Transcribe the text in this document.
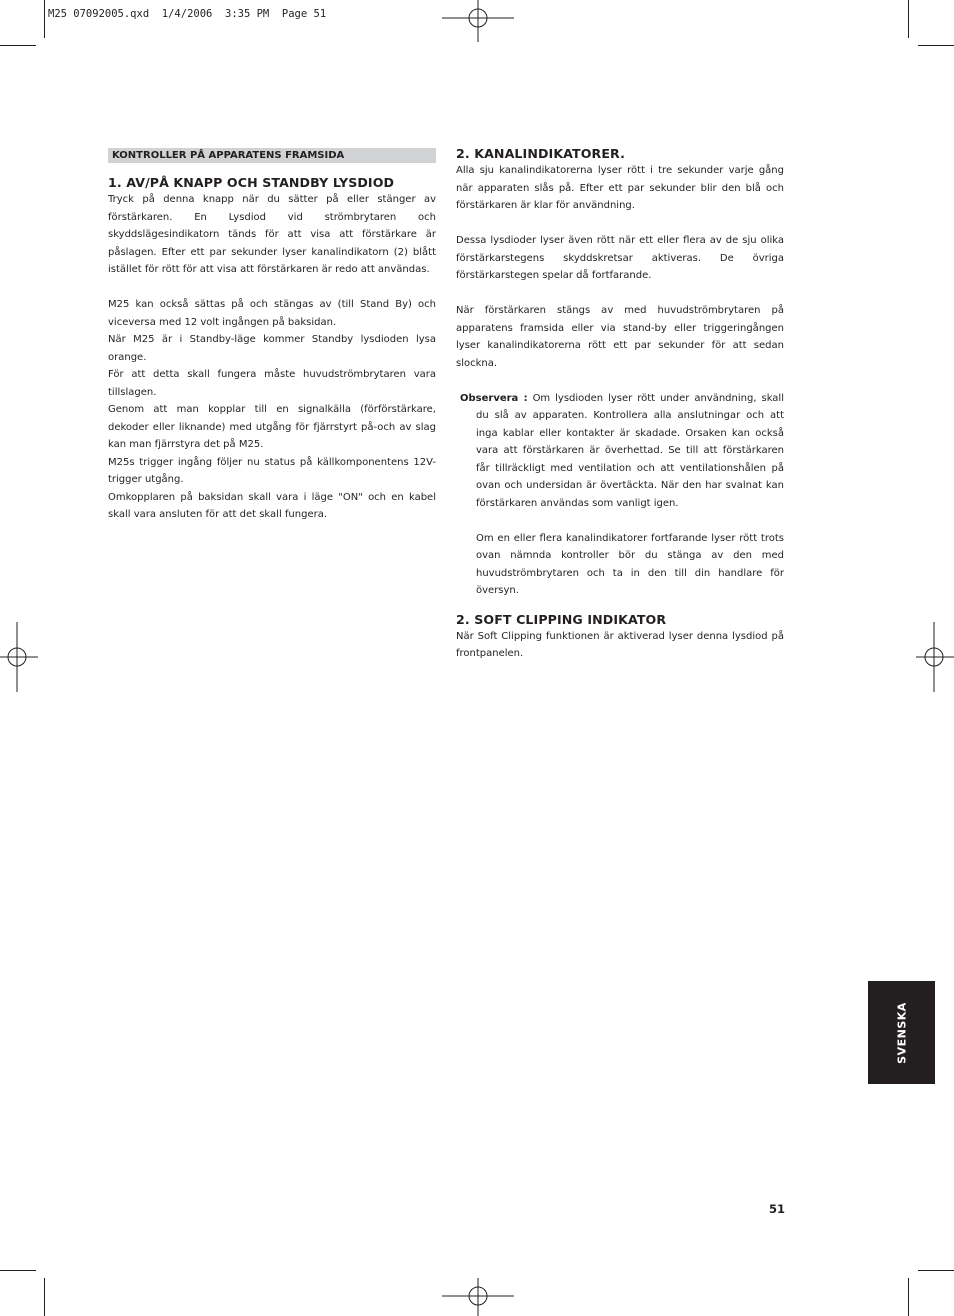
M25 07092005.qxd  1/4/2006  3:35 PM  Page 51
KONTROLLER PÅ APPARATENS FRAMSIDA
1. AV/PÅ KNAPP OCH STANDBY LYSDIOD

Tryck på denna knapp när du sätter på eller stänger av förstärkaren. En Lysdiod vid strömbrytaren och skyddslägesindikatorn tänds för att visa att förstärkare är påslagen. Efter ett par sekunder lyser kanalindikatorn (2) blått istället för rött för att visa att förstärkaren är redo att användas.

M25 kan också sättas på och stängas av (till Stand By) och viceversa med 12 volt ingången på baksidan.

När M25 är i Standby-läge kommer Standby lysdioden lysa orange.

För att detta skall fungera måste huvudströmbrytaren vara tillslagen.

Genom att man kopplar till en signalkälla (förförstärkare, dekoder eller liknande) med utgång för fjärrstyrt på-och av slag kan man fjärrstyra det på M25.

M25s trigger ingång följer nu status på källkomponentens 12V-trigger utgång.

Omkopplaren på baksidan skall vara i läge "ON" och en kabel skall vara ansluten för att det skall fungera.

2. KANALINDIKATORER.

Alla sju kanalindikatorerna lyser rött i tre sekunder varje gång när apparaten slås på. Efter ett par sekunder blir den blå och förstärkaren är klar för användning.

Dessa lysdioder lyser även rött när ett eller flera av de sju olika förstärkarstegens skyddskretsar aktiveras. De övriga förstärkarstegen spelar då fortfarande.

När förstärkaren stängs av med huvudströmbrytaren på apparatens framsida eller via stand-by eller triggeringången lyser kanalindikatorerna rött ett par sekunder för att sedan slockna.

Observera : Om lysdioden lyser rött under användning, skall du slå av apparaten. Kontrollera alla anslutningar och att inga kablar eller kontakter är skadade. Orsaken kan också vara att förstärkaren är överhettad. Se till att förstärkaren får tillräckligt med ventilation och att ventilationshålen på ovan och undersidan är övertäckta. När den har svalnat kan förstärkaren användas som vanligt igen.

Om en eller flera kanalindikatorer fortfarande lyser rött trots ovan nämnda kontroller bör du stänga av den med huvudströmbrytaren och ta in den till din handlare för översyn.

2. SOFT CLIPPING INDIKATOR

När Soft Clipping funktionen är aktiverad lyser denna lysdiod på frontpanelen.

SVENSKA
51
